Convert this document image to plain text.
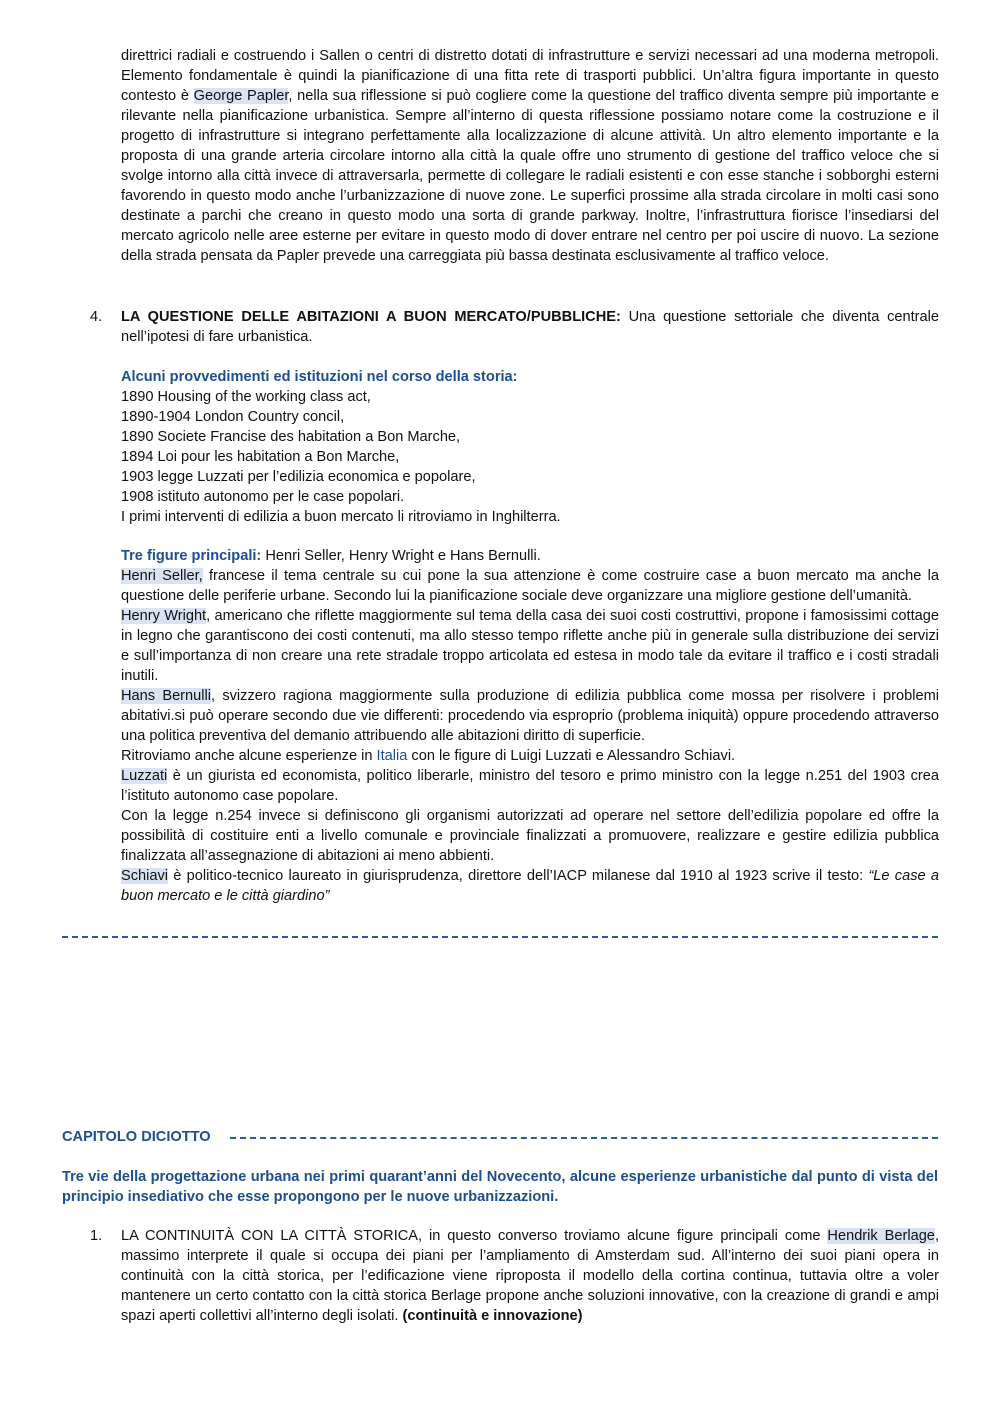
direttrici radiali e costruendo i Sallen o centri di distretto dotati di infrastrutture e servizi necessari ad una moderna metropoli. Elemento fondamentale è quindi la pianificazione di una fitta rete di trasporti pubblici. Un’altra figura importante in questo contesto è George Papler, nella sua riflessione si può cogliere come la questione del traffico diventa sempre più importante e rilevante nella pianificazione urbanistica. Sempre all’interno di questa riflessione possiamo notare come la costruzione e il progetto di infrastrutture si integrano perfettamente alla localizzazione di alcune attività. Un altro elemento importante e la proposta di una grande arteria circolare intorno alla città la quale offre uno strumento di gestione del traffico veloce che si svolge intorno alla città invece di attraversarla, permette di collegare le radiali esistenti e con esse stanche i sobborghi esterni favorendo in questo modo anche l’urbanizzazione di nuove zone. Le superfici prossime alla strada circolare in molti casi sono destinate a parchi che creano in questo modo una sorta di grande parkway. Inoltre, l’infrastruttura fiorisce l’insediarsi del mercato agricolo nelle aree esterne per evitare in questo modo di dover entrare nel centro per poi uscire di nuovo. La sezione della strada pensata da Papler prevede una carreggiata più bassa destinata esclusivamente al traffico veloce.
4. LA QUESTIONE DELLE ABITAZIONI A BUON MERCATO/PUBBLICHE: Una questione settoriale che diventa centrale nell’ipotesi di fare urbanistica.
Alcuni provvedimenti ed istituzioni nel corso della storia:
1890 Housing of the working class act,
1890-1904 London Country concil,
1890 Societe Francise des habitation a Bon Marche,
1894 Loi pour les habitation a Bon Marche,
1903 legge Luzzati per l’edilizia economica e popolare,
1908 istituto autonomo per le case popolari.
I primi interventi di edilizia a buon mercato li ritroviamo in Inghilterra.
Tre figure principali: Henri Seller, Henry Wright e Hans Bernulli.
Henri Seller, francese il tema centrale su cui pone la sua attenzione è come costruire case a buon mercato ma anche la questione delle periferie urbane. Secondo lui la pianificazione sociale deve organizzare una migliore gestione dell’umanità.
Henry Wright, americano che riflette maggiormente sul tema della casa dei suoi costi costruttivi, propone i famosissimi cottage in legno che garantiscono dei costi contenuti, ma allo stesso tempo riflette anche più in generale sulla distribuzione dei servizi e sull’importanza di non creare una rete stradale troppo articolata ed estesa in modo tale da evitare il traffico e i costi stradali inutili.
Hans Bernulli, svizzero ragiona maggiormente sulla produzione di edilizia pubblica come mossa per risolvere i problemi abitativi.si può operare secondo due vie differenti: procedendo via esproprio (problema iniquità) oppure procedendo attraverso una politica preventiva del demanio attribuendo alle abitazioni diritto di superficie.
Ritroviamo anche alcune esperienze in Italia con le figure di Luigi Luzzati e Alessandro Schiavi.
Luzzati è un giurista ed economista, politico liberarle, ministro del tesoro e primo ministro con la legge n.251 del 1903 crea l’istituto autonomo case popolare.
Con la legge n.254 invece si definiscono gli organismi autorizzati ad operare nel settore dell’edilizia popolare ed offre la possibilità di costituire enti a livello comunale e provinciale finalizzati a promuovere, realizzare e gestire edilizia pubblica finalizzata all’assegnazione di abitazioni ai meno abbienti.
Schiavi è politico-tecnico laureato in giurisprudenza, direttore dell’IACP milanese dal 1910 al 1923 scrive il testo: “Le case a buon mercato e le città giardino”
CAPITOLO DICIOTTO
Tre vie della progettazione urbana nei primi quarant’anni del Novecento, alcune esperienze urbanistiche dal punto di vista del principio insediativo che esse propongono per le nuove urbanizzazioni.
1. LA CONTINUITÀ CON LA CITTÀ STORICA, in questo converso troviamo alcune figure principali come Hendrik Berlage, massimo interprete il quale si occupa dei piani per l’ampliamento di Amsterdam sud. All’interno dei suoi piani opera in continuità con la città storica, per l’edificazione viene riproposta il modello della cortina continua, tuttavia oltre a voler mantenere un certo contatto con la città storica Berlage propone anche soluzioni innovative, con la creazione di grandi e ampi spazi aperti collettivi all’interno degli isolati. (continuità e innovazione)
